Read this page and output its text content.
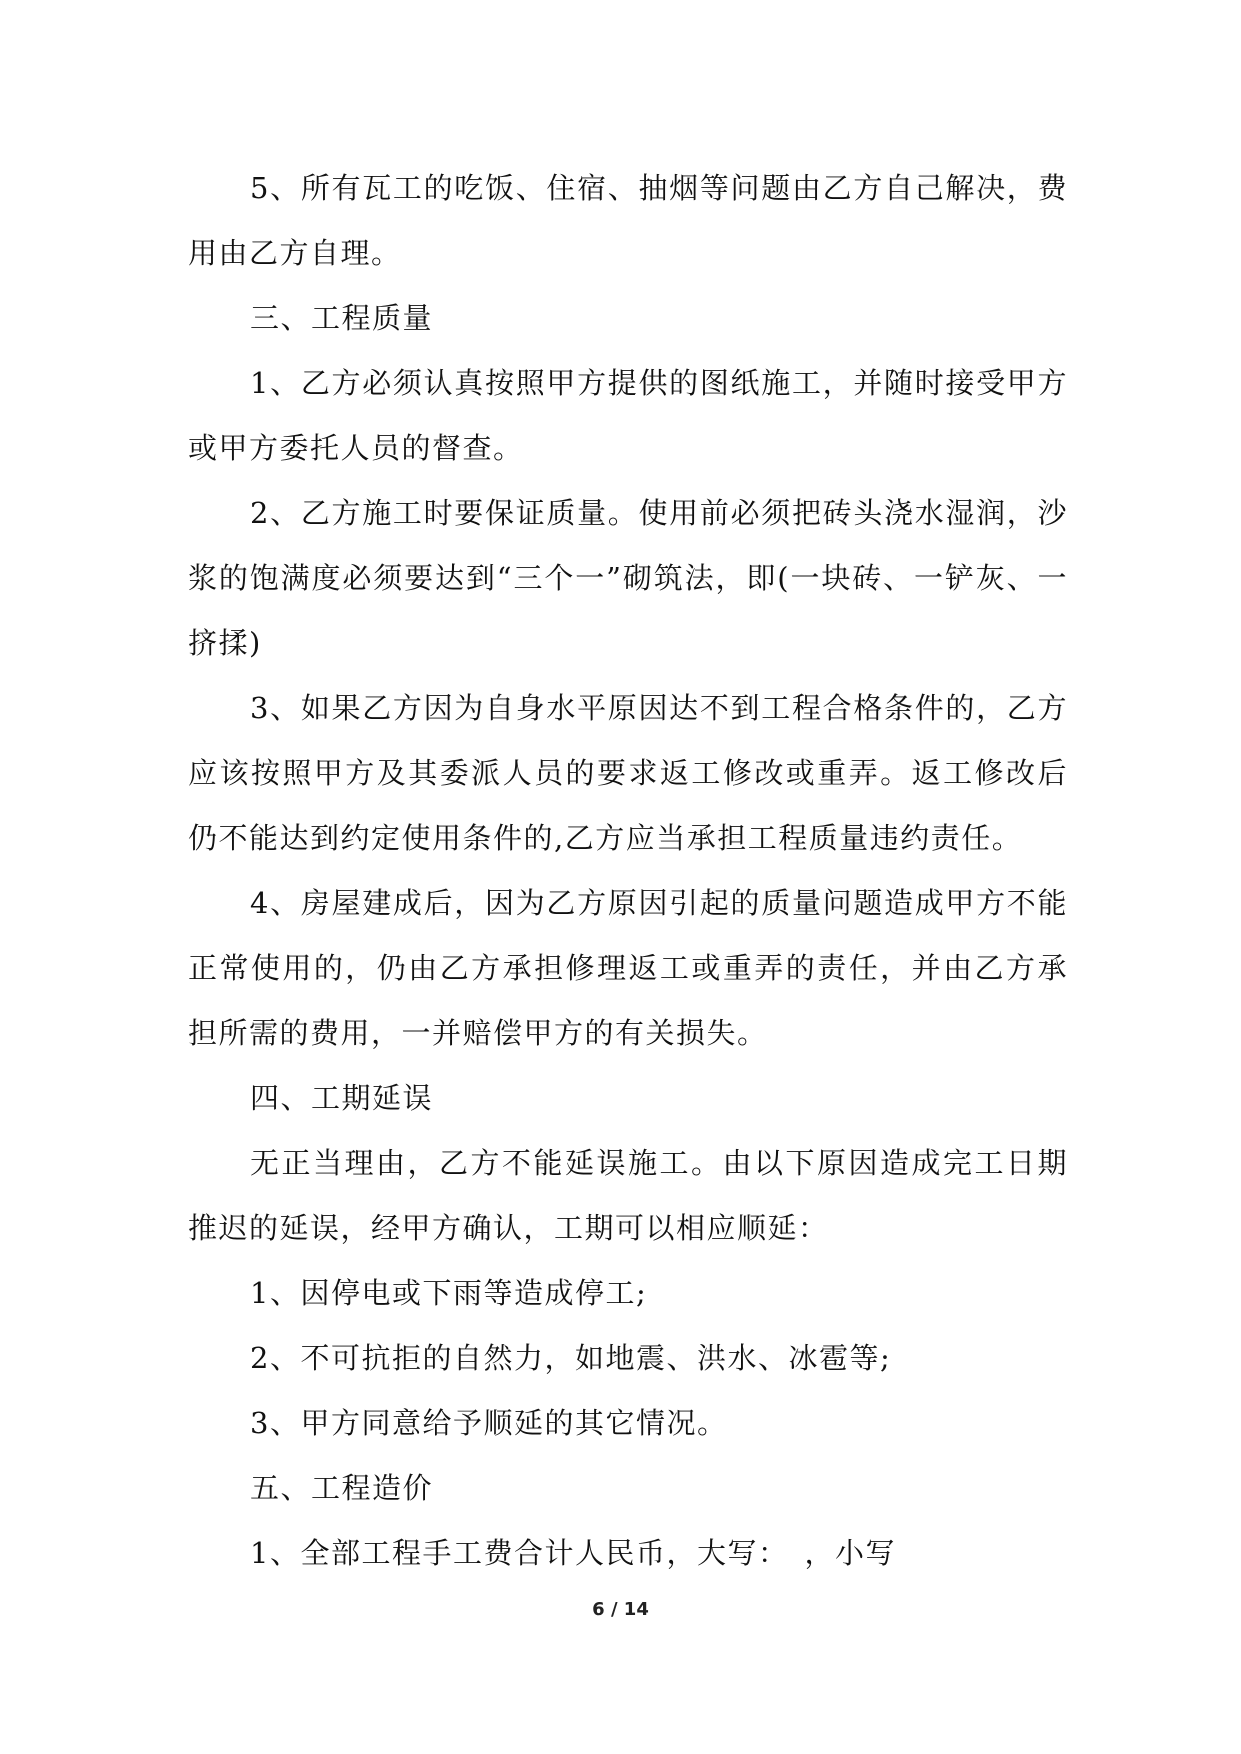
5、所有瓦工的吃饭、住宿、抽烟等问题由乙方自己解决，费用由乙方自理。

三、工程质量

1、乙方必须认真按照甲方提供的图纸施工，并随时接受甲方或甲方委托人员的督查。

2、乙方施工时要保证质量。使用前必须把砖头浇水湿润，沙浆的饱满度必须要达到“三个一”砌筑法，即(一块砖、一铲灰、一挤揉)

3、如果乙方因为自身水平原因达不到工程合格条件的，乙方应该按照甲方及其委派人员的要求返工修改或重弄。返工修改后仍不能达到约定使用条件的,乙方应当承担工程质量违约责任。

4、房屋建成后，因为乙方原因引起的质量问题造成甲方不能正常使用的，仍由乙方承担修理返工或重弄的责任，并由乙方承担所需的费用，一并赔偿甲方的有关损失。

四、工期延误

无正当理由，乙方不能延误施工。由以下原因造成完工日期推迟的延误，经甲方确认，工期可以相应顺延：

1、因停电或下雨等造成停工;

2、不可抗拒的自然力，如地震、洪水、冰雹等;

3、甲方同意给予顺延的其它情况。

五、工程造价

1、全部工程手工费合计人民币，大写：　，小写

6 / 14
